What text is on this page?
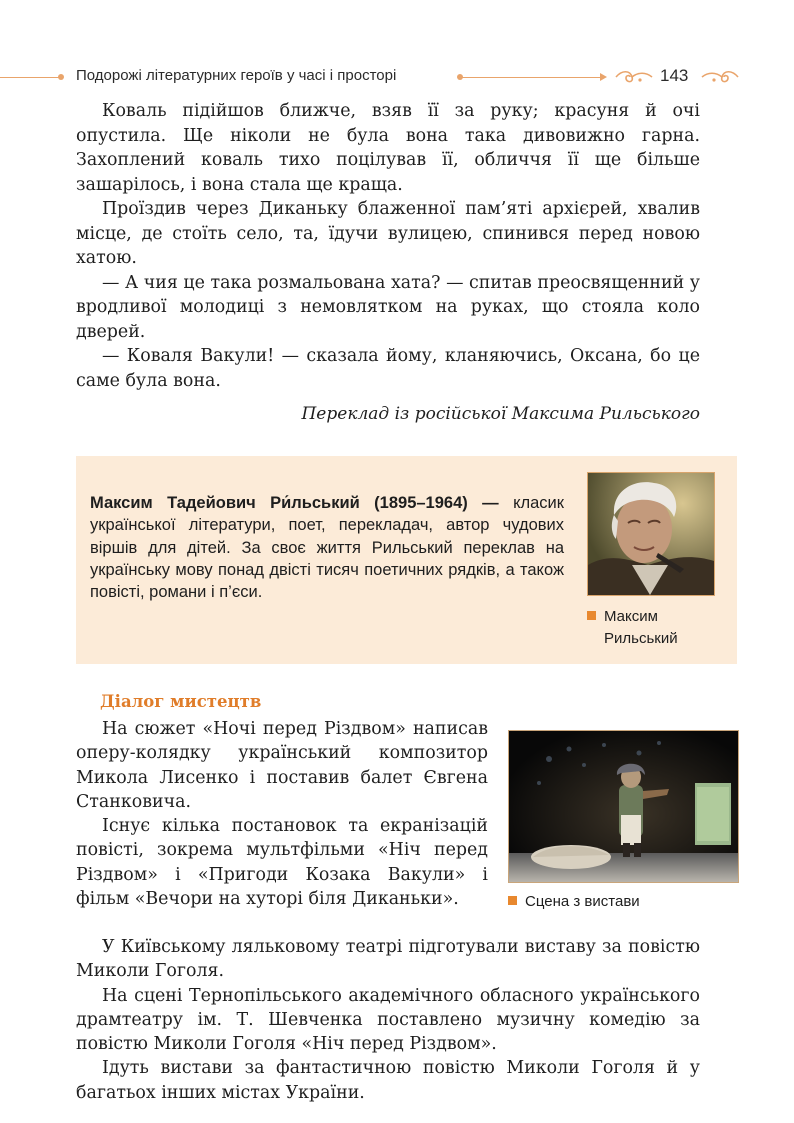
Подорожі літературних героїв у часі і просторі	143

Коваль підійшов ближче, взяв її за руку; красуня й очі опустила. Ще ніколи не була вона така дивовижно гарна. Захоплений коваль тихо поцілував її, обличчя її ще більше зашарілось, і вона стала ще краща.

Проїздив через Диканьку блаженної пам’яті архієрей, хвалив місце, де стоїть село, та, їдучи вулицею, спинився перед новою хатою.

— А чия це така розмальована хата? — спитав преосвященний у вродливої молодиці з немовлятком на руках, що стояла коло дверей.

— Коваля Вакули! — сказала йому, кланяючись, Оксана, бо це саме була вона.

Переклад із російської Максима Рильського
Максим Тадейович Ри́льський (1895–1964) — класик української літератури, поет, перекладач, автор чудових віршів для дітей. За своє життя Рильський переклав на українську мову понад двісті тисяч поетичних рядків, а також повісті, романи і п’єси.
Максим
Рильський
Діалог мистецтв

На сюжет «Ночі перед Різдвом» написав оперу-колядку український композитор Микола Лисенко і поставив балет Євгена Станковича.

Існує кілька постановок та екранізацій повісті, зокрема мультфільми «Ніч перед Різдвом» і «Пригоди Козака Вакули» і фільм «Вечори на хуторі біля Диканьки».	Сцена з вистави

У Київському ляльковому театрі підготували виставу за повістю Миколи Гоголя.

На сцені Тернопільського академічного обласного українського драмтеатру ім. Т. Шевченка поставлено музичну комедію за повістю Миколи Гоголя «Ніч перед Різдвом».

Ідуть вистави за фантастичною повістю Миколи Гоголя й у багатьох інших містах України.
